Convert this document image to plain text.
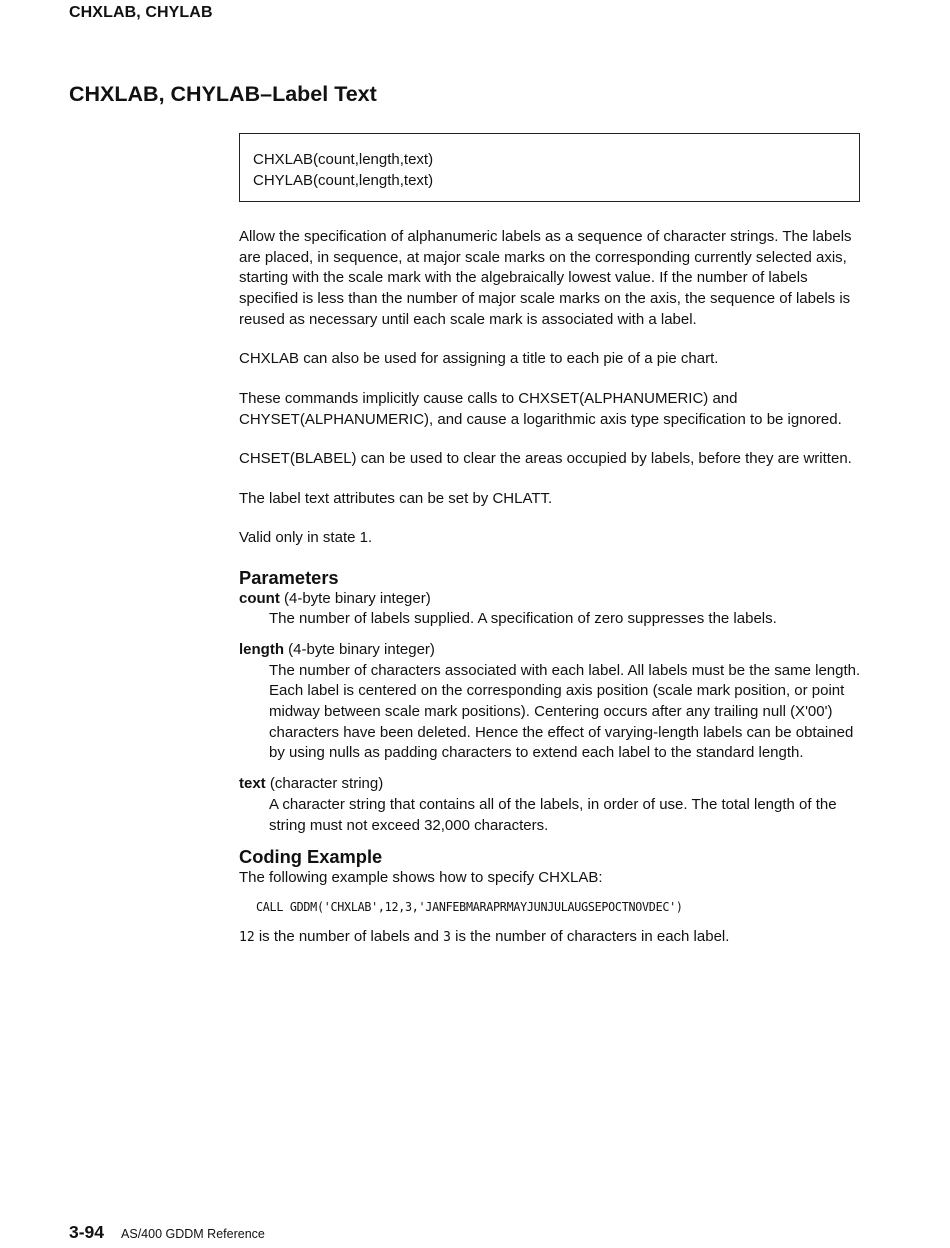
CHXLAB, CHYLAB
CHXLAB, CHYLAB–Label Text
CHXLAB(count,length,text)
CHYLAB(count,length,text)

Allow the specification of alphanumeric labels as a sequence of character strings. The labels are placed, in sequence, at major scale marks on the corresponding currently selected axis, starting with the scale mark with the algebraically lowest value. If the number of labels specified is less than the number of major scale marks on the axis, the sequence of labels is reused as necessary until each scale mark is associated with a label.

CHXLAB can also be used for assigning a title to each pie of a pie chart.

These commands implicitly cause calls to CHXSET(ALPHANUMERIC) and CHYSET(ALPHANUMERIC), and cause a logarithmic axis type specification to be ignored.

CHSET(BLABEL) can be used to clear the areas occupied by labels, before they are written.

The label text attributes can be set by CHLATT.

Valid only in state 1.

Parameters
count (4-byte binary integer)
The number of labels supplied. A specification of zero suppresses the labels.
length (4-byte binary integer)
The number of characters associated with each label. All labels must be the same length. Each label is centered on the corresponding axis position (scale mark position, or point midway between scale mark positions). Centering occurs after any trailing null (X'00') characters have been deleted. Hence the effect of varying-length labels can be obtained by using nulls as padding characters to extend each label to the standard length.
text (character string)
A character string that contains all of the labels, in order of use. The total length of the string must not exceed 32,000 characters.
Coding Example

The following example shows how to specify CHXLAB:

CALL GDDM('CHXLAB',12,3,'JANFEBMARAPRMAYJUNJULAUGSEPOCTNOVDEC')

12 is the number of labels and 3 is the number of characters in each label.

3-94 AS/400 GDDM Reference
